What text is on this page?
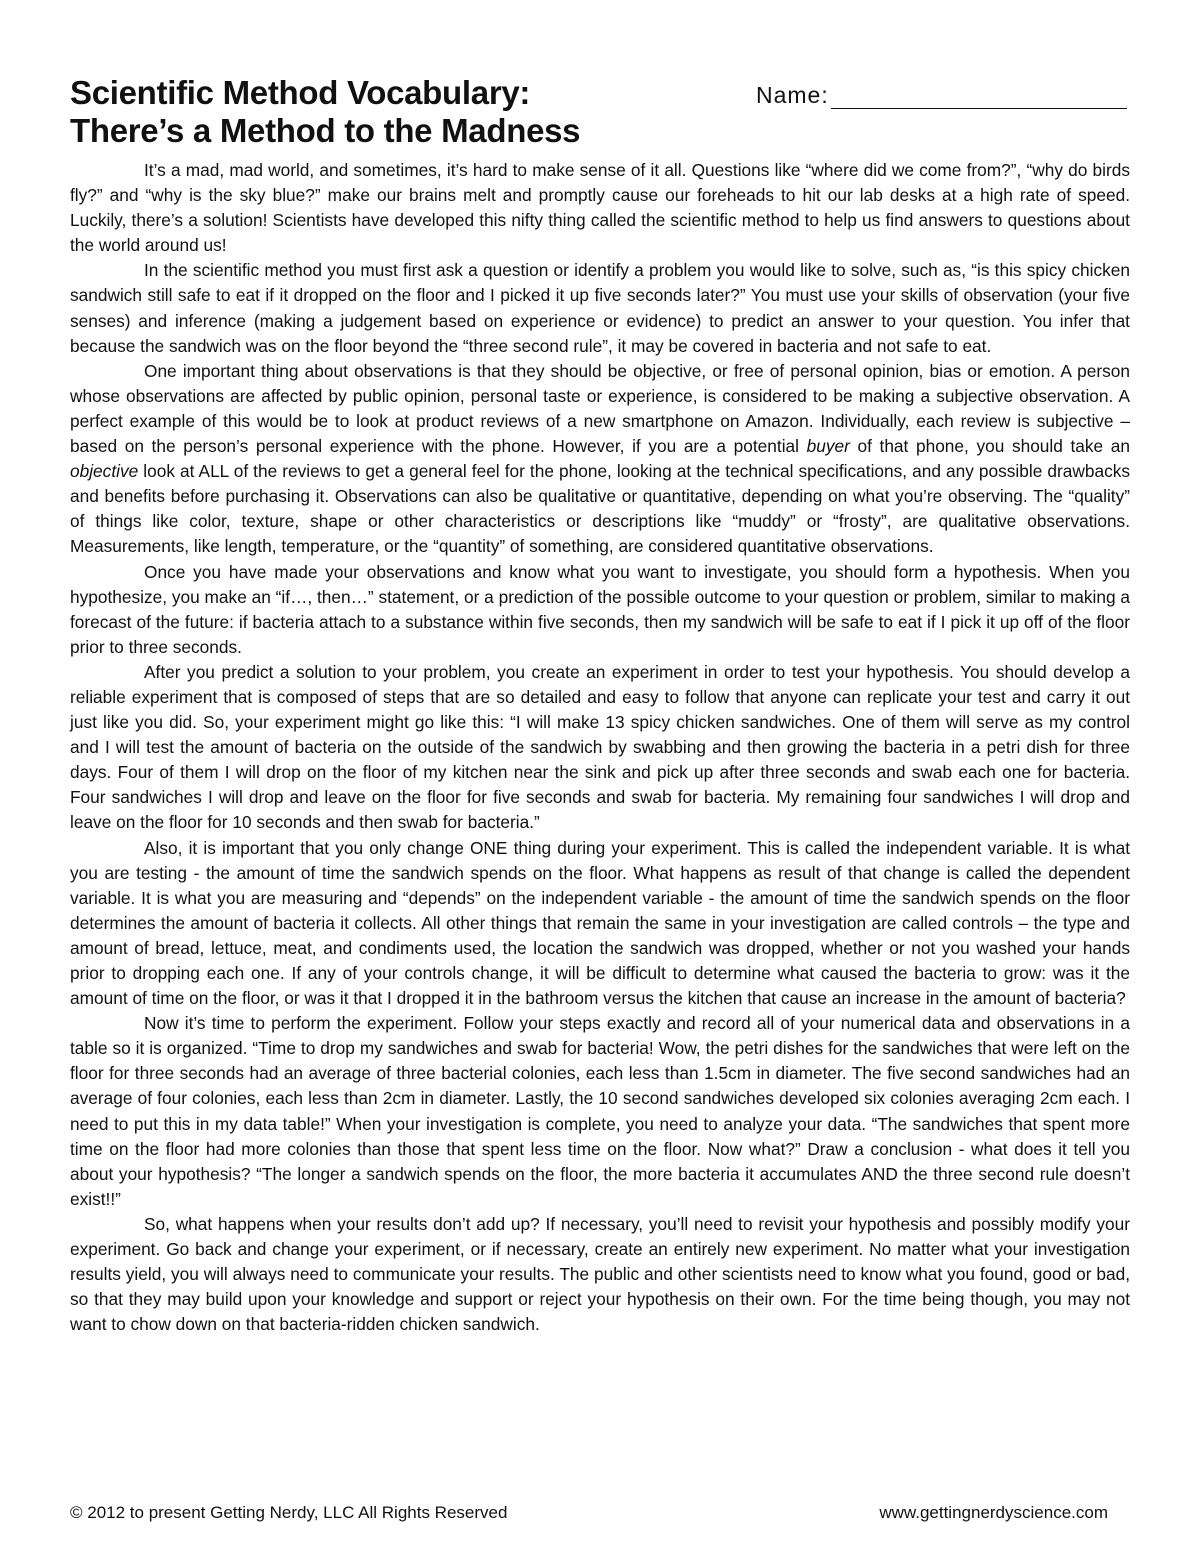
Scientific Method Vocabulary:
There’s a Method to the Madness
Name:

It’s a mad, mad world, and sometimes, it’s hard to make sense of it all. Questions like “where did we come from?”, “why do birds fly?” and “why is the sky blue?” make our brains melt and promptly cause our foreheads to hit our lab desks at a high rate of speed. Luckily, there’s a solution! Scientists have developed this nifty thing called the scientific method to help us find answers to questions about the world around us!

In the scientific method you must first ask a question or identify a problem you would like to solve, such as, “is this spicy chicken sandwich still safe to eat if it dropped on the floor and I picked it up five seconds later?” You must use your skills of observation (your five senses) and inference (making a judgement based on experience or evidence) to predict an answer to your question. You infer that because the sandwich was on the floor beyond the “three second rule”, it may be covered in bacteria and not safe to eat.

One important thing about observations is that they should be objective, or free of personal opinion, bias or emotion. A person whose observations are affected by public opinion, personal taste or experience, is considered to be making a subjective observation. A perfect example of this would be to look at product reviews of a new smartphone on Amazon. Individually, each review is subjective – based on the person’s personal experience with the phone. However, if you are a potential buyer of that phone, you should take an objective look at ALL of the reviews to get a general feel for the phone, looking at the technical specifications, and any possible drawbacks and benefits before purchasing it. Observations can also be qualitative or quantitative, depending on what you’re observing. The “quality” of things like color, texture, shape or other characteristics or descriptions like “muddy” or “frosty”, are qualitative observations. Measurements, like length, temperature, or the “quantity” of something, are considered quantitative observations.

Once you have made your observations and know what you want to investigate, you should form a hypothesis. When you hypothesize, you make an “if…, then…” statement, or a prediction of the possible outcome to your question or problem, similar to making a forecast of the future: if bacteria attach to a substance within five seconds, then my sandwich will be safe to eat if I pick it up off of the floor prior to three seconds.

After you predict a solution to your problem, you create an experiment in order to test your hypothesis. You should develop a reliable experiment that is composed of steps that are so detailed and easy to follow that anyone can replicate your test and carry it out just like you did. So, your experiment might go like this: “I will make 13 spicy chicken sandwiches. One of them will serve as my control and I will test the amount of bacteria on the outside of the sandwich by swabbing and then growing the bacteria in a petri dish for three days. Four of them I will drop on the floor of my kitchen near the sink and pick up after three seconds and swab each one for bacteria. Four sandwiches I will drop and leave on the floor for five seconds and swab for bacteria. My remaining four sandwiches I will drop and leave on the floor for 10 seconds and then swab for bacteria.”

Also, it is important that you only change ONE thing during your experiment. This is called the independent variable. It is what you are testing - the amount of time the sandwich spends on the floor. What happens as result of that change is called the dependent variable. It is what you are measuring and “depends” on the independent variable - the amount of time the sandwich spends on the floor determines the amount of bacteria it collects. All other things that remain the same in your investigation are called controls – the type and amount of bread, lettuce, meat, and condiments used, the location the sandwich was dropped, whether or not you washed your hands prior to dropping each one. If any of your controls change, it will be difficult to determine what caused the bacteria to grow: was it the amount of time on the floor, or was it that I dropped it in the bathroom versus the kitchen that cause an increase in the amount of bacteria?

Now it’s time to perform the experiment. Follow your steps exactly and record all of your numerical data and observations in a table so it is organized. “Time to drop my sandwiches and swab for bacteria! Wow, the petri dishes for the sandwiches that were left on the floor for three seconds had an average of three bacterial colonies, each less than 1.5cm in diameter. The five second sandwiches had an average of four colonies, each less than 2cm in diameter. Lastly, the 10 second sandwiches developed six colonies averaging 2cm each. I need to put this in my data table!” When your investigation is complete, you need to analyze your data. “The sandwiches that spent more time on the floor had more colonies than those that spent less time on the floor. Now what?” Draw a conclusion - what does it tell you about your hypothesis? “The longer a sandwich spends on the floor, the more bacteria it accumulates AND the three second rule doesn’t exist!!”

So, what happens when your results don’t add up? If necessary, you’ll need to revisit your hypothesis and possibly modify your experiment. Go back and change your experiment, or if necessary, create an entirely new experiment. No matter what your investigation results yield, you will always need to communicate your results. The public and other scientists need to know what you found, good or bad, so that they may build upon your knowledge and support or reject your hypothesis on their own. For the time being though, you may not want to chow down on that bacteria-ridden chicken sandwich.

© 2012 to present Getting Nerdy, LLC All Rights Reserved	www.gettingnerdyscience.com
